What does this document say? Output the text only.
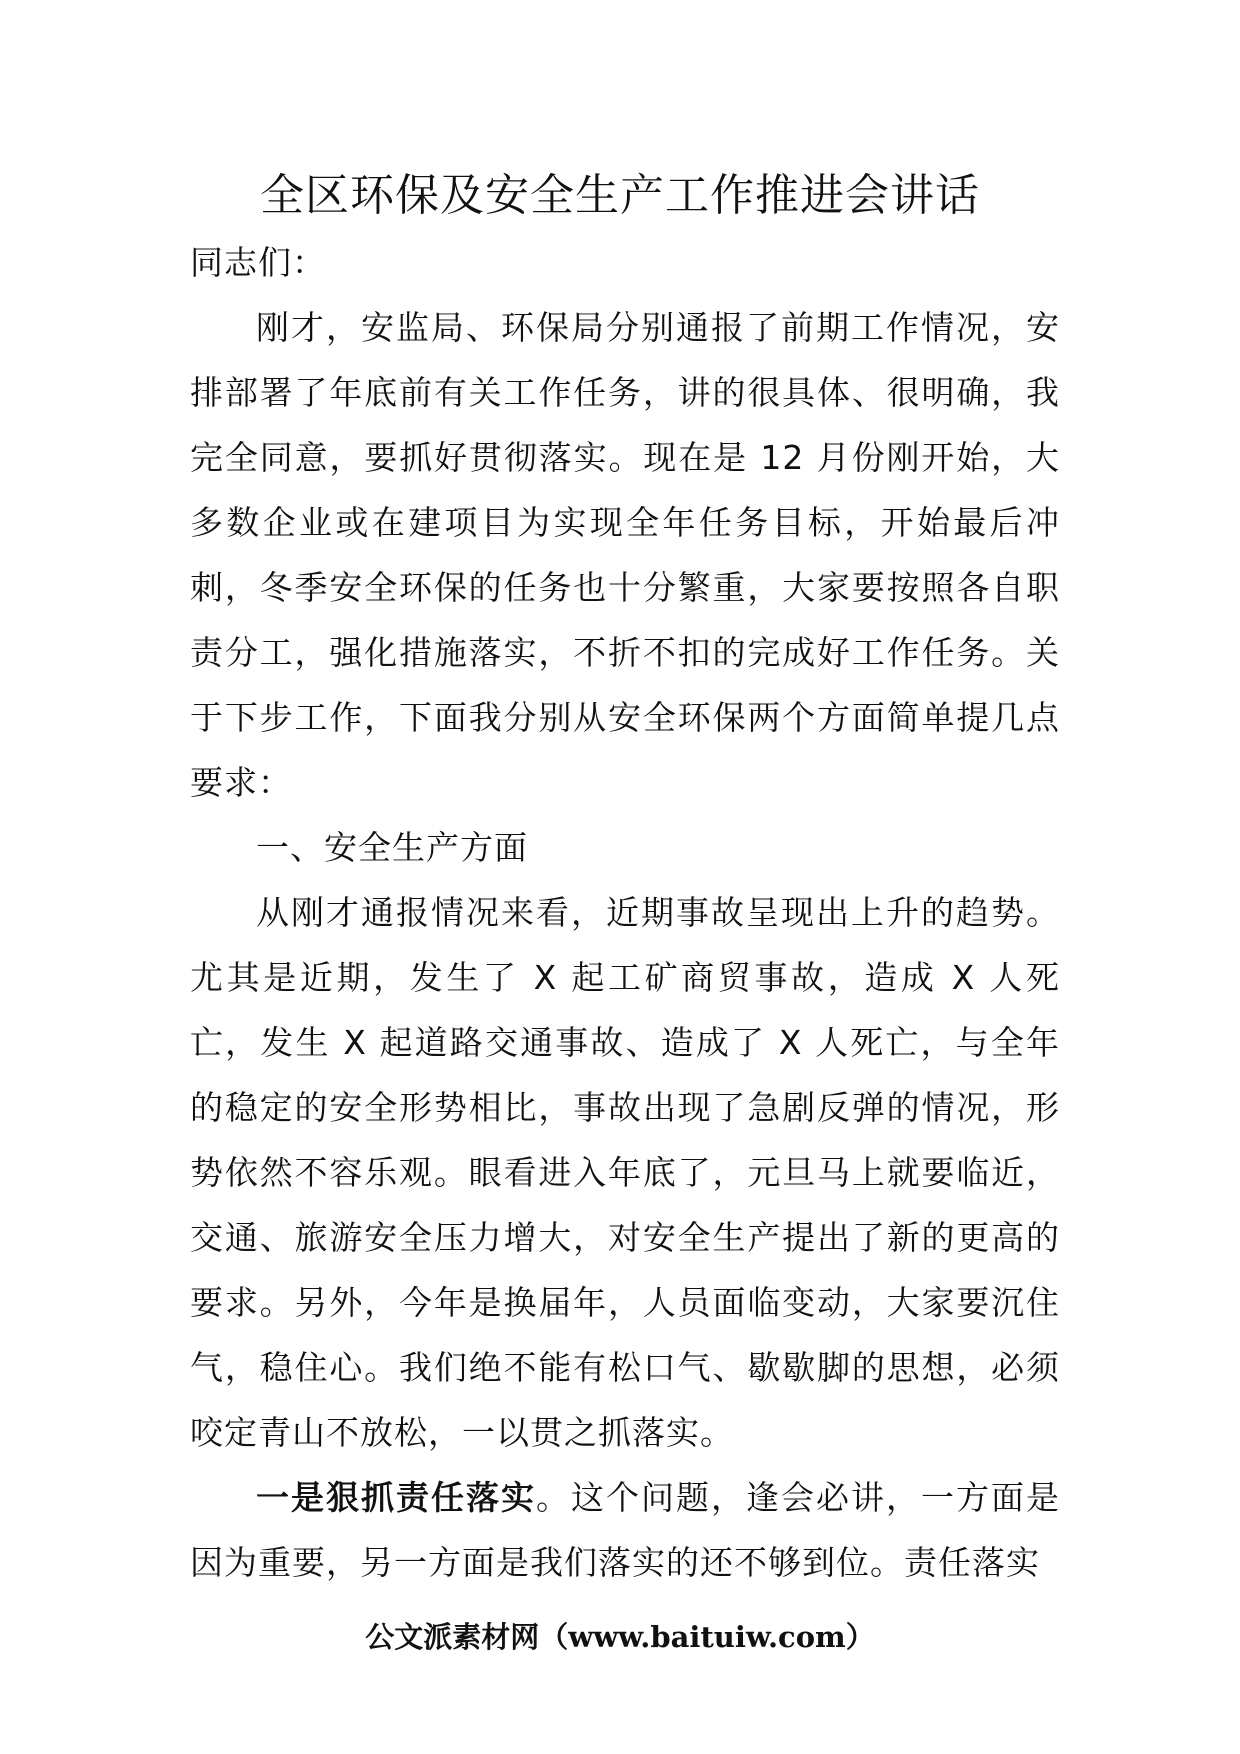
全区环保及安全生产工作推进会讲话

同志们：

刚才，安监局、环保局分别通报了前期工作情况，安排部署了年底前有关工作任务，讲的很具体、很明确，我完全同意，要抓好贯彻落实。现在是 12 月份刚开始，大多数企业或在建项目为实现全年任务目标，开始最后冲刺，冬季安全环保的任务也十分繁重，大家要按照各自职责分工，强化措施落实，不折不扣的完成好工作任务。关于下步工作，下面我分别从安全环保两个方面简单提几点要求：

一、安全生产方面

从刚才通报情况来看，近期事故呈现出上升的趋势。尤其是近期，发生了 X 起工矿商贸事故，造成 X 人死亡，发生 X 起道路交通事故、造成了 X 人死亡，与全年的稳定的安全形势相比，事故出现了急剧反弹的情况，形势依然不容乐观。眼看进入年底了，元旦马上就要临近，交通、旅游安全压力增大，对安全生产提出了新的更高的要求。另外，今年是换届年，人员面临变动，大家要沉住气，稳住心。我们绝不能有松口气、歇歇脚的思想，必须咬定青山不放松，一以贯之抓落实。

一是狠抓责任落实。这个问题，逢会必讲，一方面是因为重要，另一方面是我们落实的还不够到位。责任落实

公文派素材网（www.baituiw.com）
